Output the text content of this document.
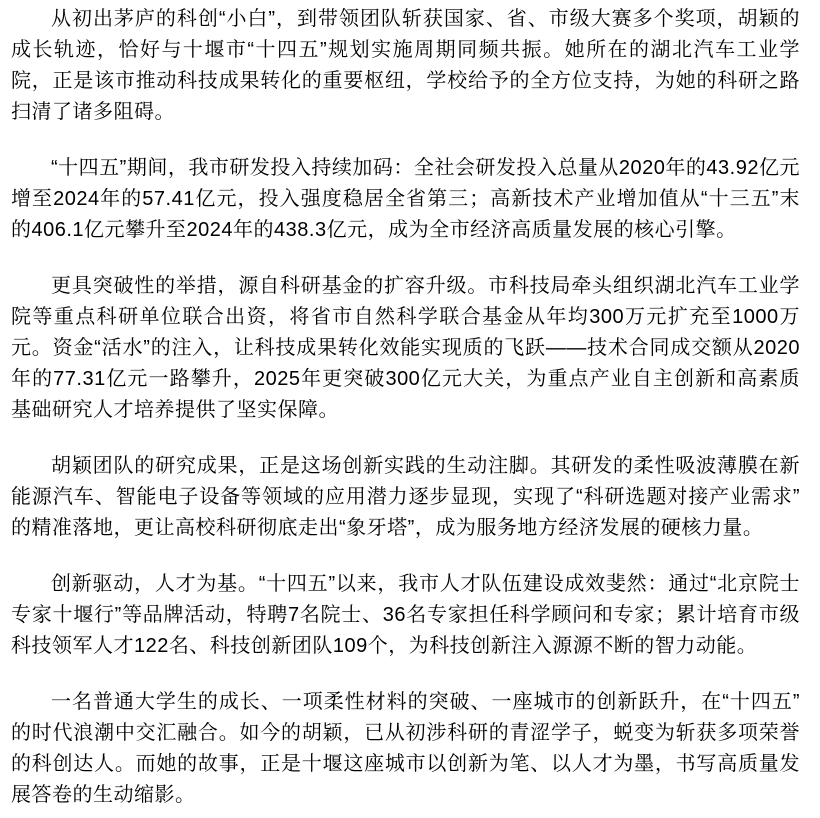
从初出茅庐的科创“小白”，到带领团队斩获国家、省、市级大赛多个奖项，胡颖的成长轨迹，恰好与十堰市“十四五”规划实施周期同频共振。她所在的湖北汽车工业学院，正是该市推动科技成果转化的重要枢纽，学校给予的全方位支持，为她的科研之路扫清了诸多阻碍。

“十四五”期间，我市研发投入持续加码：全社会研发投入总量从2020年的43.92亿元增至2024年的57.41亿元，投入强度稳居全省第三；高新技术产业增加值从“十三五”末的406.1亿元攀升至2024年的438.3亿元，成为全市经济高质量发展的核心引擎。

更具突破性的举措，源自科研基金的扩容升级。市科技局牵头组织湖北汽车工业学院等重点科研单位联合出资，将省市自然科学联合基金从年均300万元扩充至1000万元。资金“活水”的注入，让科技成果转化效能实现质的飞跃——技术合同成交额从2020年的77.31亿元一路攀升，2025年更突破300亿元大关，为重点产业自主创新和高素质基础研究人才培养提供了坚实保障。

胡颖团队的研究成果，正是这场创新实践的生动注脚。其研发的柔性吸波薄膜在新能源汽车、智能电子设备等领域的应用潜力逐步显现，实现了“科研选题对接产业需求”的精准落地，更让高校科研彻底走出“象牙塔”，成为服务地方经济发展的硬核力量。

创新驱动，人才为基。“十四五”以来，我市人才队伍建设成效斐然：通过“北京院士专家十堰行”等品牌活动，特聘7名院士、36名专家担任科学顾问和专家；累计培育市级科技领军人才122名、科技创新团队109个，为科技创新注入源源不断的智力动能。

一名普通大学生的成长、一项柔性材料的突破、一座城市的创新跃升，在“十四五”的时代浪潮中交汇融合。如今的胡颖，已从初涉科研的青涩学子，蜕变为斩获多项荣誉的科创达人。而她的故事，正是十堰这座城市以创新为笔、以人才为墨，书写高质量发展答卷的生动缩影。
